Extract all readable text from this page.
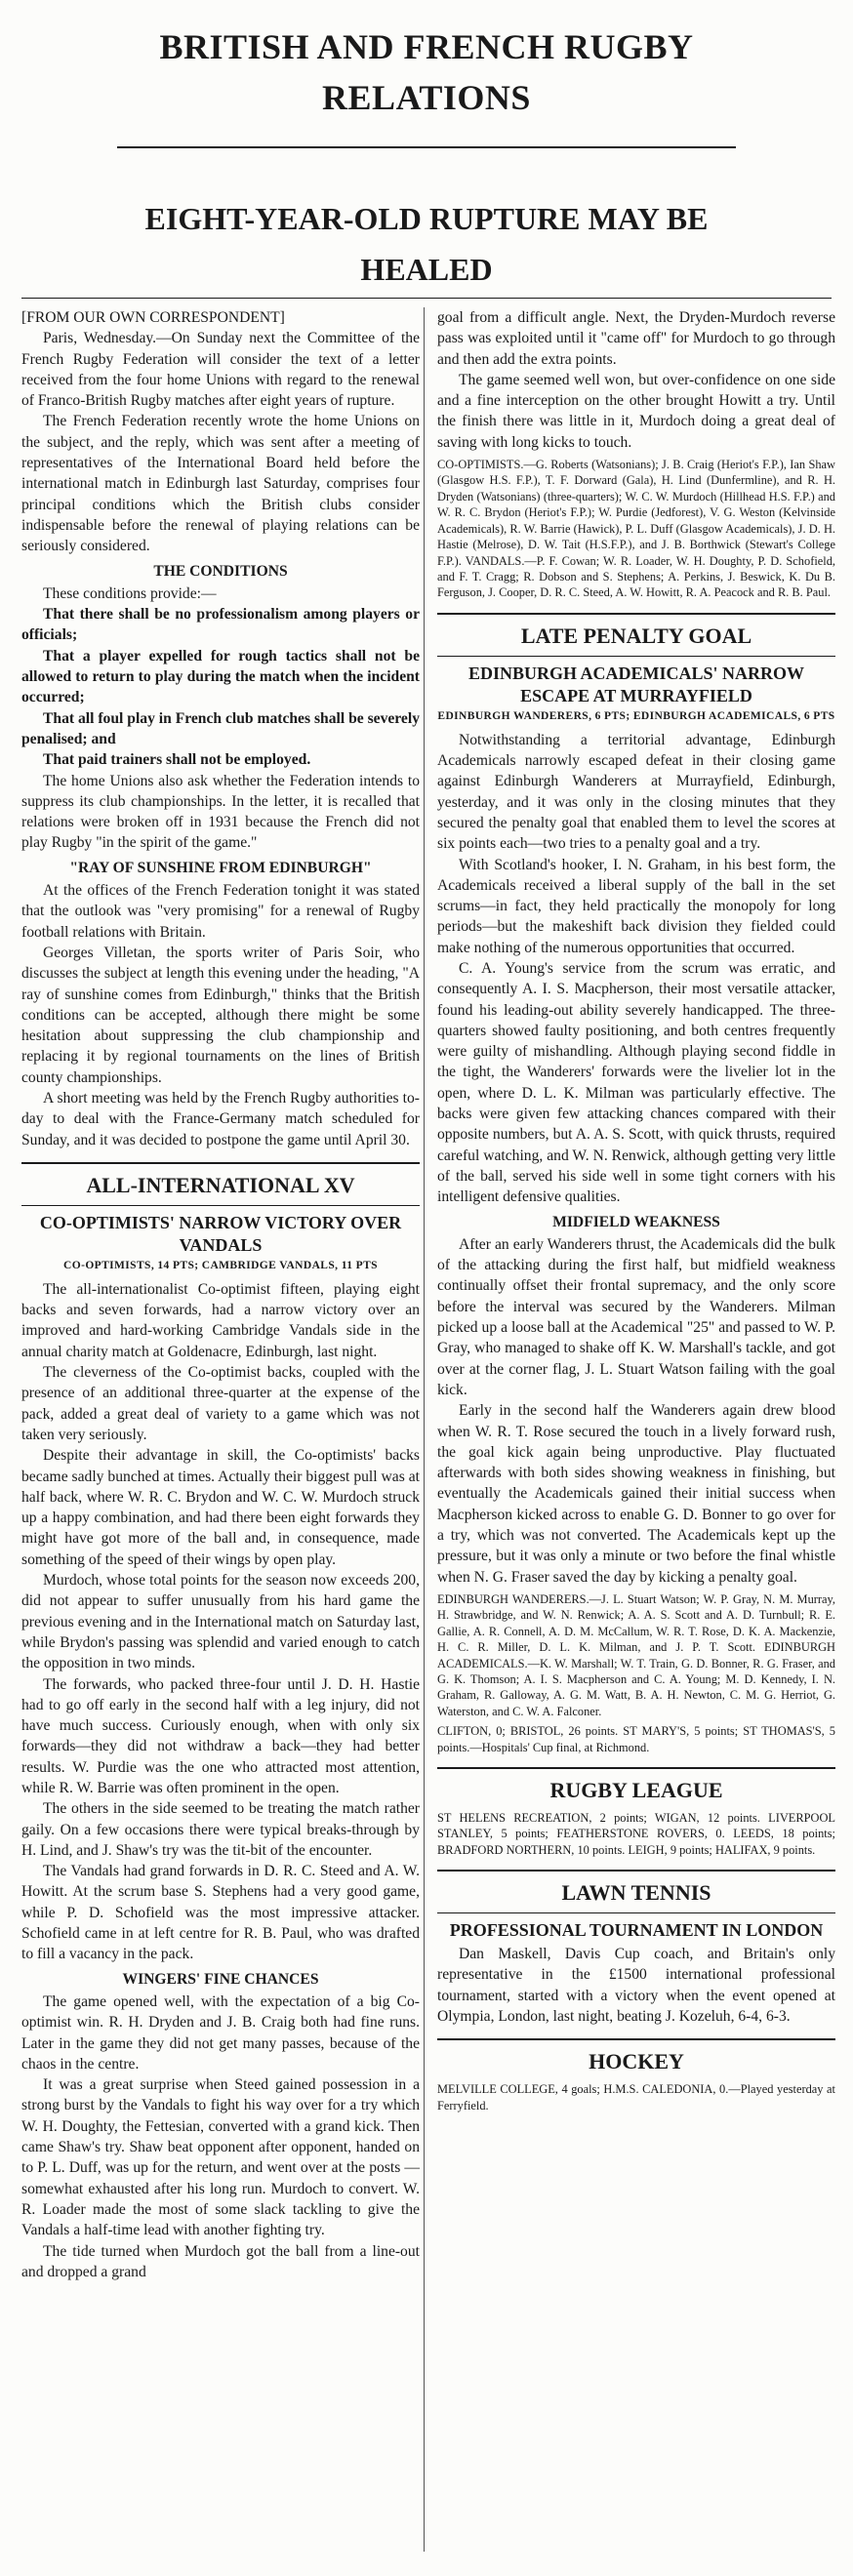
BRITISH AND FRENCH RUGBY RELATIONS
EIGHT-YEAR-OLD RUPTURE MAY BE HEALED

[FROM OUR OWN CORRESPONDENT]

Paris, Wednesday.—On Sunday next the Committee of the French Rugby Federation will consider the text of a letter received from the four home Unions with regard to the renewal of Franco-British Rugby matches after eight years of rupture.

The French Federation recently wrote the home Unions on the subject, and the reply, which was sent after a meeting of representatives of the International Board held before the international match in Edinburgh last Saturday, comprises four principal conditions which the British clubs consider indispensable before the renewal of playing relations can be seriously considered.

THE CONDITIONS

These conditions provide:—

That there shall be no professionalism among players or officials;

That a player expelled for rough tactics shall not be allowed to return to play during the match when the incident occurred;

That all foul play in French club matches shall be severely penalised; and

That paid trainers shall not be employed.

The home Unions also ask whether the Federation intends to suppress its club championships. In the letter, it is recalled that relations were broken off in 1931 because the French did not play Rugby "in the spirit of the game."

"RAY OF SUNSHINE FROM EDINBURGH"

At the offices of the French Federation tonight it was stated that the outlook was "very promising" for a renewal of Rugby football relations with Britain.

Georges Villetan, the sports writer of Paris Soir, who discusses the subject at length this evening under the heading, "A ray of sunshine comes from Edinburgh," thinks that the British conditions can be accepted, although there might be some hesitation about suppressing the club championship and replacing it by regional tournaments on the lines of British county championships.

A short meeting was held by the French Rugby authorities to-day to deal with the France-Germany match scheduled for Sunday, and it was decided to postpone the game until April 30.

ALL-INTERNATIONAL XV
CO-OPTIMISTS' NARROW VICTORY OVER VANDALS
CO-OPTIMISTS, 14 PTS; CAMBRIDGE VANDALS, 11 PTS

The all-internationalist Co-optimist fifteen, playing eight backs and seven forwards, had a narrow victory over an improved and hard-working Cambridge Vandals side in the annual charity match at Goldenacre, Edinburgh, last night.

The cleverness of the Co-optimist backs, coupled with the presence of an additional three-quarter at the expense of the pack, added a great deal of variety to a game which was not taken very seriously.

Despite their advantage in skill, the Co-optimists' backs became sadly bunched at times. Actually their biggest pull was at half back, where W. R. C. Brydon and W. C. W. Murdoch struck up a happy combination, and had there been eight forwards they might have got more of the ball and, in consequence, made something of the speed of their wings by open play.

Murdoch, whose total points for the season now exceeds 200, did not appear to suffer unusually from his hard game the previous evening and in the International match on Saturday last, while Brydon's passing was splendid and varied enough to catch the opposition in two minds.

The forwards, who packed three-four until J. D. H. Hastie had to go off early in the second half with a leg injury, did not have much success. Curiously enough, when with only six forwards—they did not withdraw a back—they had better results. W. Purdie was the one who attracted most attention, while R. W. Barrie was often prominent in the open.

The others in the side seemed to be treating the match rather gaily. On a few occasions there were typical breaks-through by H. Lind, and J. Shaw's try was the tit-bit of the encounter.

The Vandals had grand forwards in D. R. C. Steed and A. W. Howitt. At the scrum base S. Stephens had a very good game, while P. D. Schofield was the most impressive attacker. Schofield came in at left centre for R. B. Paul, who was drafted to fill a vacancy in the pack.

WINGERS' FINE CHANCES

The game opened well, with the expectation of a big Co-optimist win. R. H. Dryden and J. B. Craig both had fine runs. Later in the game they did not get many passes, because of the chaos in the centre.

It was a great surprise when Steed gained possession in a strong burst by the Vandals to fight his way over for a try which W. H. Doughty, the Fettesian, converted with a grand kick. Then came Shaw's try. Shaw beat opponent after opponent, handed on to P. L. Duff, was up for the return, and went over at the posts — somewhat exhausted after his long run. Murdoch to convert. W. R. Loader made the most of some slack tackling to give the Vandals a half-time lead with another fighting try.

The tide turned when Murdoch got the ball from a line-out and dropped a grand

goal from a difficult angle. Next, the Dryden-Murdoch reverse pass was exploited until it "came off" for Murdoch to go through and then add the extra points.

The game seemed well won, but over-confidence on one side and a fine interception on the other brought Howitt a try. Until the finish there was little in it, Murdoch doing a great deal of saving with long kicks to touch.

CO-OPTIMISTS.—G. Roberts (Watsonians); J. B. Craig (Heriot's F.P.), Ian Shaw (Glasgow H.S. F.P.), T. F. Dorward (Gala), H. Lind (Dunfermline), and R. H. Dryden (Watsonians) (three-quarters); W. C. W. Murdoch (Hillhead H.S. F.P.) and W. R. C. Brydon (Heriot's F.P.); W. Purdie (Jedforest), V. G. Weston (Kelvinside Academicals), R. W. Barrie (Hawick), P. L. Duff (Glasgow Academicals), J. D. H. Hastie (Melrose), D. W. Tait (H.S.F.P.), and J. B. Borthwick (Stewart's College F.P.). VANDALS.—P. F. Cowan; W. R. Loader, W. H. Doughty, P. D. Schofield, and F. T. Cragg; R. Dobson and S. Stephens; A. Perkins, J. Beswick, K. Du B. Ferguson, J. Cooper, D. R. C. Steed, A. W. Howitt, R. A. Peacock and R. B. Paul.

LATE PENALTY GOAL
EDINBURGH ACADEMICALS' NARROW ESCAPE AT MURRAYFIELD
EDINBURGH WANDERERS, 6 PTS; EDINBURGH ACADEMICALS, 6 PTS

Notwithstanding a territorial advantage, Edinburgh Academicals narrowly escaped defeat in their closing game against Edinburgh Wanderers at Murrayfield, Edinburgh, yesterday, and it was only in the closing minutes that they secured the penalty goal that enabled them to level the scores at six points each—two tries to a penalty goal and a try.

With Scotland's hooker, I. N. Graham, in his best form, the Academicals received a liberal supply of the ball in the set scrums—in fact, they held practically the monopoly for long periods—but the makeshift back division they fielded could make nothing of the numerous opportunities that occurred.

C. A. Young's service from the scrum was erratic, and consequently A. I. S. Macpherson, their most versatile attacker, found his leading-out ability severely handicapped. The three-quarters showed faulty positioning, and both centres frequently were guilty of mishandling. Although playing second fiddle in the tight, the Wanderers' forwards were the livelier lot in the open, where D. L. K. Milman was particularly effective. The backs were given few attacking chances compared with their opposite numbers, but A. A. S. Scott, with quick thrusts, required careful watching, and W. N. Renwick, although getting very little of the ball, served his side well in some tight corners with his intelligent defensive qualities.

MIDFIELD WEAKNESS

After an early Wanderers thrust, the Academicals did the bulk of the attacking during the first half, but midfield weakness continually offset their frontal supremacy, and the only score before the interval was secured by the Wanderers. Milman picked up a loose ball at the Academical "25" and passed to W. P. Gray, who managed to shake off K. W. Marshall's tackle, and got over at the corner flag, J. L. Stuart Watson failing with the goal kick.

Early in the second half the Wanderers again drew blood when W. R. T. Rose secured the touch in a lively forward rush, the goal kick again being unproductive. Play fluctuated afterwards with both sides showing weakness in finishing, but eventually the Academicals gained their initial success when Macpherson kicked across to enable G. D. Bonner to go over for a try, which was not converted. The Academicals kept up the pressure, but it was only a minute or two before the final whistle when N. G. Fraser saved the day by kicking a penalty goal.

EDINBURGH WANDERERS.—J. L. Stuart Watson; W. P. Gray, N. M. Murray, H. Strawbridge, and W. N. Renwick; A. A. S. Scott and A. D. Turnbull; R. E. Gallie, A. R. Connell, A. D. M. McCallum, W. R. T. Rose, D. K. A. Mackenzie, H. C. R. Miller, D. L. K. Milman, and J. P. T. Scott. EDINBURGH ACADEMICALS.—K. W. Marshall; W. T. Train, G. D. Bonner, R. G. Fraser, and G. K. Thomson; A. I. S. Macpherson and C. A. Young; M. D. Kennedy, I. N. Graham, R. Galloway, A. G. M. Watt, B. A. H. Newton, C. M. G. Herriot, G. Waterston, and C. W. A. Falconer.

CLIFTON, 0; BRISTOL, 26 points. ST MARY'S, 5 points; ST THOMAS'S, 5 points.—Hospitals' Cup final, at Richmond.

RUGBY LEAGUE

ST HELENS RECREATION, 2 points; WIGAN, 12 points. LIVERPOOL STANLEY, 5 points; FEATHERSTONE ROVERS, 0. LEEDS, 18 points; BRADFORD NORTHERN, 10 points. LEIGH, 9 points; HALIFAX, 9 points.

LAWN TENNIS
PROFESSIONAL TOURNAMENT IN LONDON

Dan Maskell, Davis Cup coach, and Britain's only representative in the £1500 international professional tournament, started with a victory when the event opened at Olympia, London, last night, beating J. Kozeluh, 6-4, 6-3.

HOCKEY

MELVILLE COLLEGE, 4 goals; H.M.S. CALEDONIA, 0.—Played yesterday at Ferryfield.
